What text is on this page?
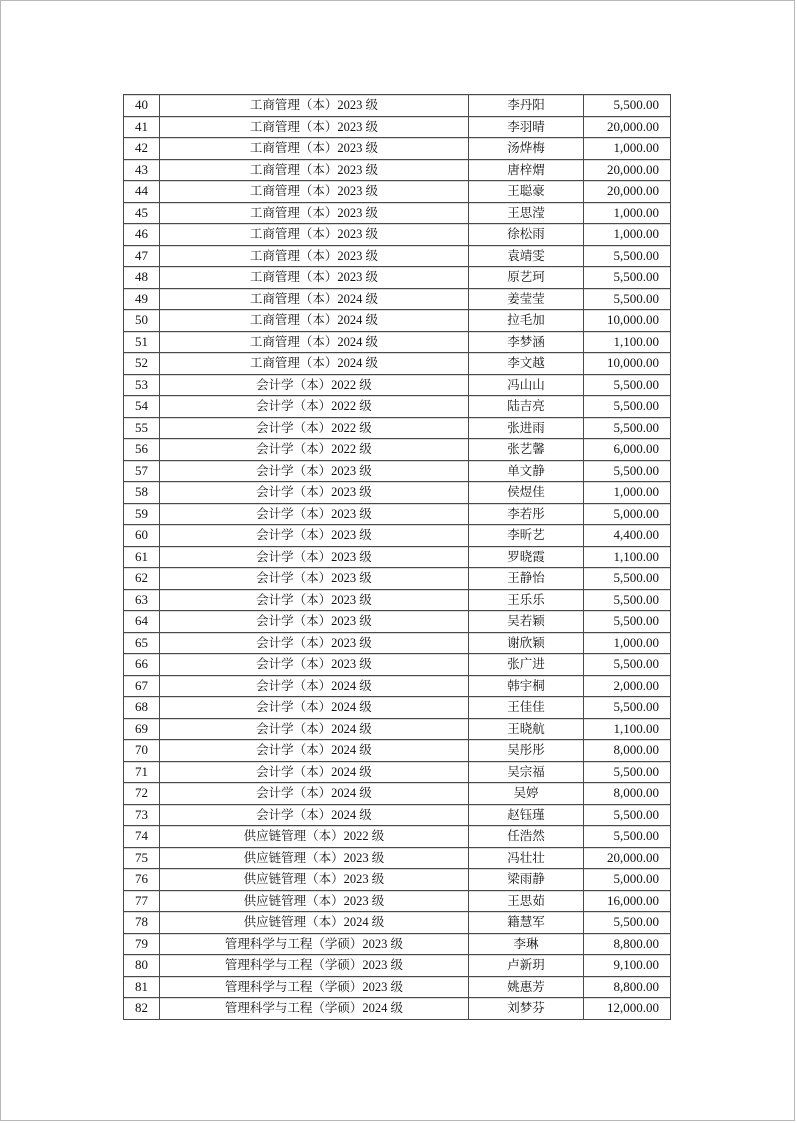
40	工商管理（本）2023 级	李丹阳	5,500.00
41	工商管理（本）2023 级	李羽晴	20,000.00
42	工商管理（本）2023 级	汤烨梅	1,000.00
43	工商管理（本）2023 级	唐梓煟	20,000.00
44	工商管理（本）2023 级	王聪豪	20,000.00
45	工商管理（本）2023 级	王思滢	1,000.00
46	工商管理（本）2023 级	徐松雨	1,000.00
47	工商管理（本）2023 级	袁靖雯	5,500.00
48	工商管理（本）2023 级	原艺珂	5,500.00
49	工商管理（本）2024 级	姜莹莹	5,500.00
50	工商管理（本）2024 级	拉毛加	10,000.00
51	工商管理（本）2024 级	李梦涵	1,100.00
52	工商管理（本）2024 级	李文越	10,000.00
53	会计学（本）2022 级	冯山山	5,500.00
54	会计学（本）2022 级	陆吉亮	5,500.00
55	会计学（本）2022 级	张进雨	5,500.00
56	会计学（本）2022 级	张艺馨	6,000.00
57	会计学（本）2023 级	单文静	5,500.00
58	会计学（本）2023 级	侯煜佳	1,000.00
59	会计学（本）2023 级	李若彤	5,000.00
60	会计学（本）2023 级	李昕艺	4,400.00
61	会计学（本）2023 级	罗晓霞	1,100.00
62	会计学（本）2023 级	王静怡	5,500.00
63	会计学（本）2023 级	王乐乐	5,500.00
64	会计学（本）2023 级	吴若颖	5,500.00
65	会计学（本）2023 级	谢欣颖	1,000.00
66	会计学（本）2023 级	张广进	5,500.00
67	会计学（本）2024 级	韩宇桐	2,000.00
68	会计学（本）2024 级	王佳佳	5,500.00
69	会计学（本）2024 级	王晓航	1,100.00
70	会计学（本）2024 级	吴彤彤	8,000.00
71	会计学（本）2024 级	吴宗福	5,500.00
72	会计学（本）2024 级	吴婷	8,000.00
73	会计学（本）2024 级	赵钰瑾	5,500.00
74	供应链管理（本）2022 级	任浩然	5,500.00
75	供应链管理（本）2023 级	冯壮壮	20,000.00
76	供应链管理（本）2023 级	梁雨静	5,000.00
77	供应链管理（本）2023 级	王思茹	16,000.00
78	供应链管理（本）2024 级	籍慧军	5,500.00
79	管理科学与工程（学硕）2023 级	李琳	8,800.00
80	管理科学与工程（学硕）2023 级	卢新玥	9,100.00
81	管理科学与工程（学硕）2023 级	姚惠芳	8,800.00
82	管理科学与工程（学硕）2024 级	刘梦芬	12,000.00
